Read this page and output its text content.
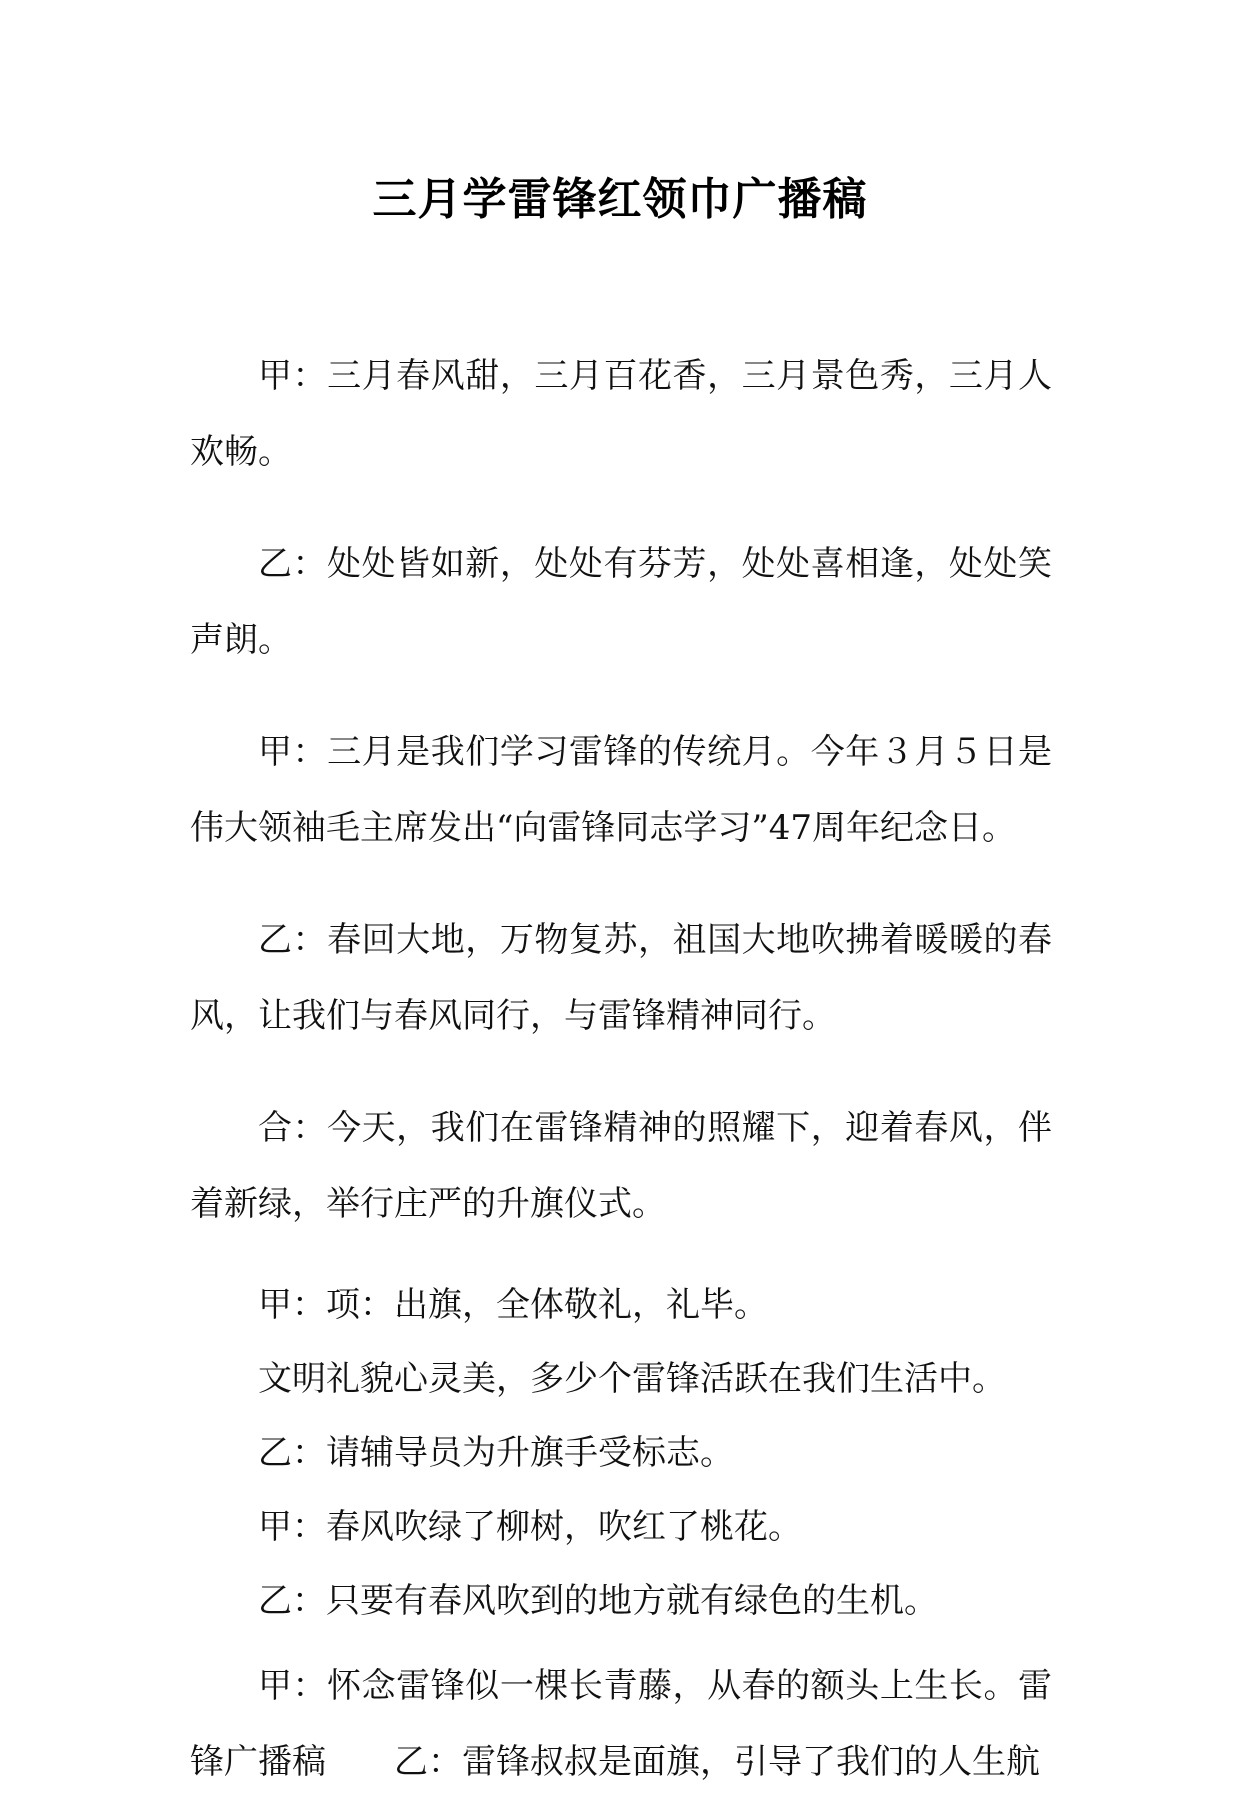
三月学雷锋红领巾广播稿

甲：三月春风甜，三月百花香，三月景色秀，三月人欢畅。

乙：处处皆如新，处处有芬芳，处处喜相逢，处处笑声朗。

甲：三月是我们学习雷锋的传统月。今年３月５日是伟大领袖毛主席发出“向雷锋同志学习”47周年纪念日。

乙：春回大地，万物复苏，祖国大地吹拂着暖暖的春风，让我们与春风同行，与雷锋精神同行。

合：今天，我们在雷锋精神的照耀下，迎着春风，伴着新绿，举行庄严的升旗仪式。

甲：项：出旗，全体敬礼，礼毕。

文明礼貌心灵美，多少个雷锋活跃在我们生活中。

乙：请辅导员为升旗手受标志。

甲：春风吹绿了柳树，吹红了桃花。

乙：只要有春风吹到的地方就有绿色的生机。

甲：怀念雷锋似一棵长青藤，从春的额头上生长。雷锋广播稿 乙：雷锋叔叔是面旗，引导了我们的人生航
